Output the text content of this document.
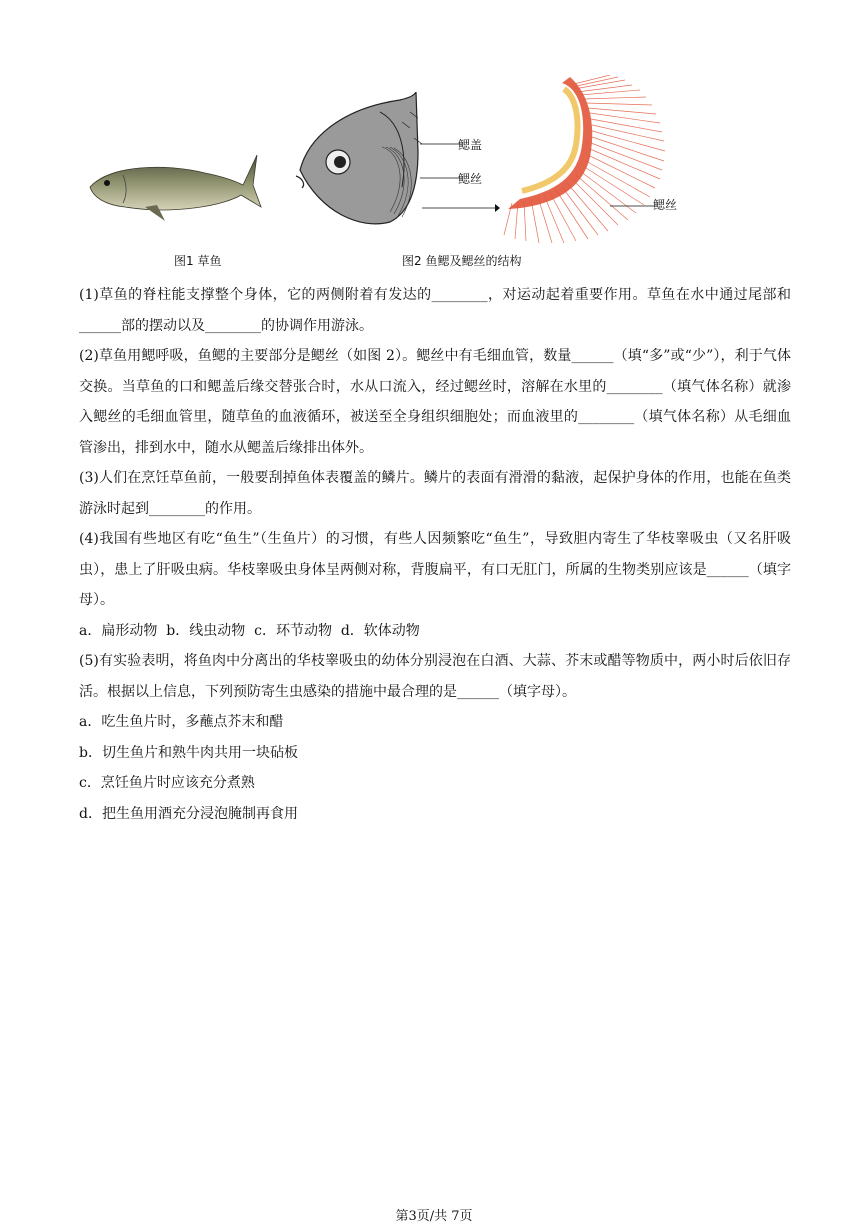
鳃盖
鳃丝
鳃丝
图1 草鱼	图2 鱼鳃及鳃丝的结构

(1)草鱼的脊柱能支撑整个身体，它的两侧附着有发达的________，对运动起着重要作用。草鱼在水中通过尾部和______部的摆动以及________的协调作用游泳。

(2)草鱼用鳃呼吸，鱼鳃的主要部分是鳃丝（如图 2）。鳃丝中有毛细血管，数量______（填“多”或“少”），利于气体交换。当草鱼的口和鳃盖后缘交替张合时，水从口流入，经过鳃丝时，溶解在水里的________（填气体名称）就渗入鳃丝的毛细血管里，随草鱼的血液循环，被送至全身组织细胞处；而血液里的________（填气体名称）从毛细血管渗出，排到水中，随水从鳃盖后缘排出体外。

(3)人们在烹饪草鱼前，一般要刮掉鱼体表覆盖的鳞片。鳞片的表面有滑滑的黏液，起保护身体的作用，也能在鱼类游泳时起到________的作用。

(4)我国有些地区有吃“鱼生”（生鱼片）的习惯，有些人因频繁吃“鱼生”，导致胆内寄生了华枝睾吸虫（又名肝吸虫），患上了肝吸虫病。华枝睾吸虫身体呈两侧对称，背腹扁平，有口无肛门，所属的生物类别应该是______（填字母）。

a．扁形动物  b．线虫动物  c．环节动物  d．软体动物

(5)有实验表明，将鱼肉中分离出的华枝睾吸虫的幼体分别浸泡在白酒、大蒜、芥末或醋等物质中，两小时后依旧存活。根据以上信息，下列预防寄生虫感染的措施中最合理的是______（填字母）。

a．吃生鱼片时，多蘸点芥末和醋

b．切生鱼片和熟牛肉共用一块砧板

c．烹饪鱼片时应该充分煮熟

d．把生鱼用酒充分浸泡腌制再食用

第3页/共 7页
